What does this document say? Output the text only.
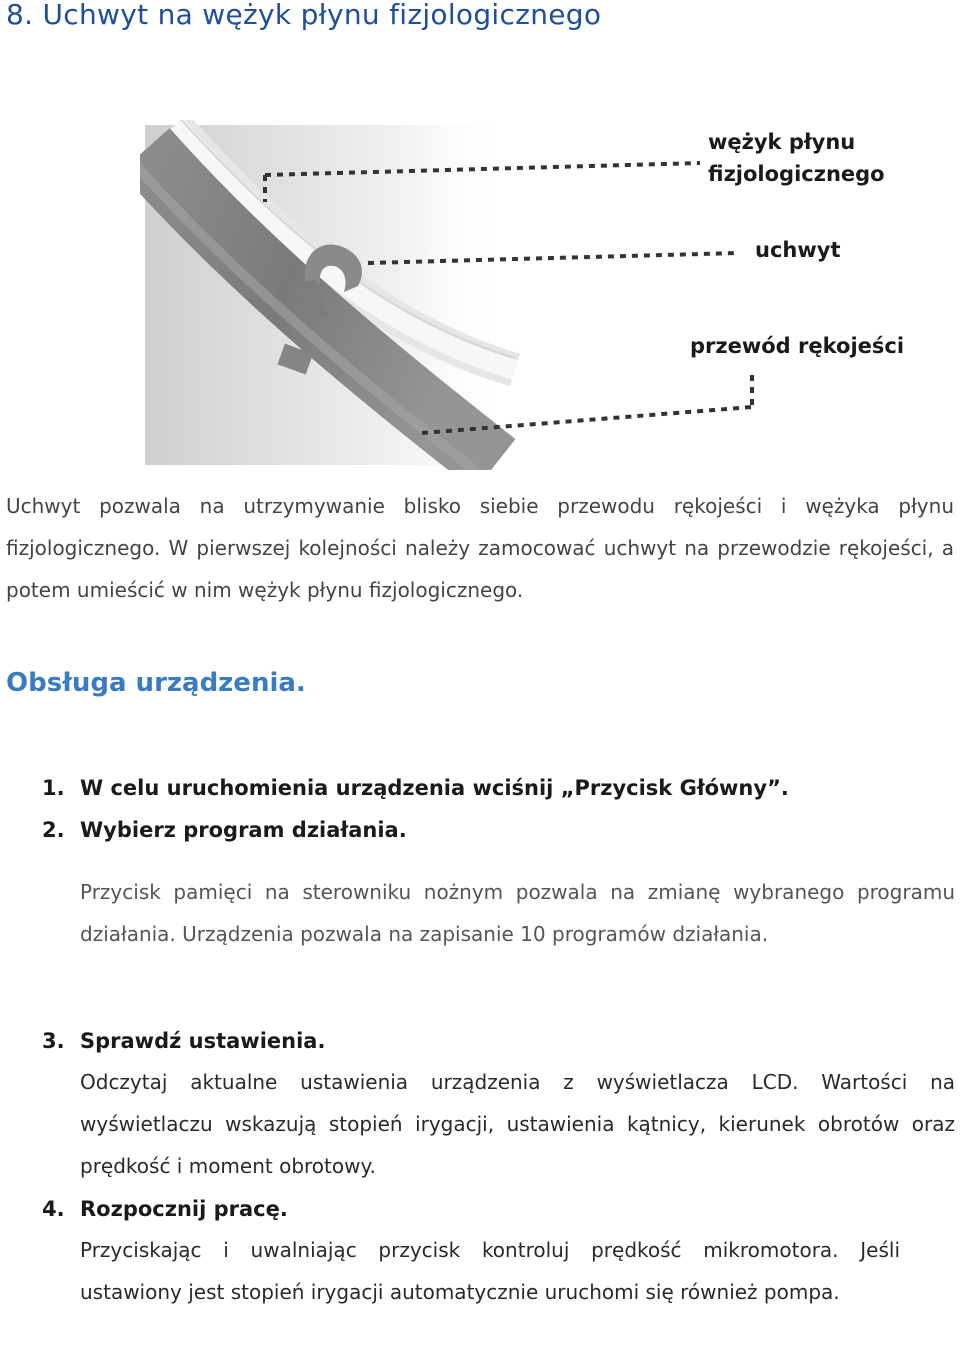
8. Uchwyt na wężyk płynu fizjologicznego
wężyk płynu
fizjologicznego
uchwyt
przewód rękojeści

Uchwyt pozwala na utrzymywanie blisko siebie przewodu rękojeści i wężyka płynu fizjologicznego. W pierwszej kolejności należy zamocować uchwyt na przewodzie rękojeści, a potem umieścić w nim wężyk płynu fizjologicznego.

Obsługa urządzenia.

1. W celu uruchomienia urządzenia wciśnij „Przycisk Główny”.

2. Wybierz program działania.

Przycisk pamięci na sterowniku nożnym pozwala na zmianę wybranego programu działania. Urządzenia pozwala na zapisanie 10 programów działania.

3. Sprawdź ustawienia.

Odczytaj aktualne ustawienia urządzenia z wyświetlacza LCD. Wartości na wyświetlaczu wskazują stopień irygacji, ustawienia kątnicy, kierunek obrotów oraz prędkość i moment obrotowy.

4. Rozpocznij pracę.

Przyciskając i uwalniając przycisk kontroluj prędkość mikromotora. Jeśli ustawiony jest stopień irygacji automatycznie uruchomi się również pompa.
